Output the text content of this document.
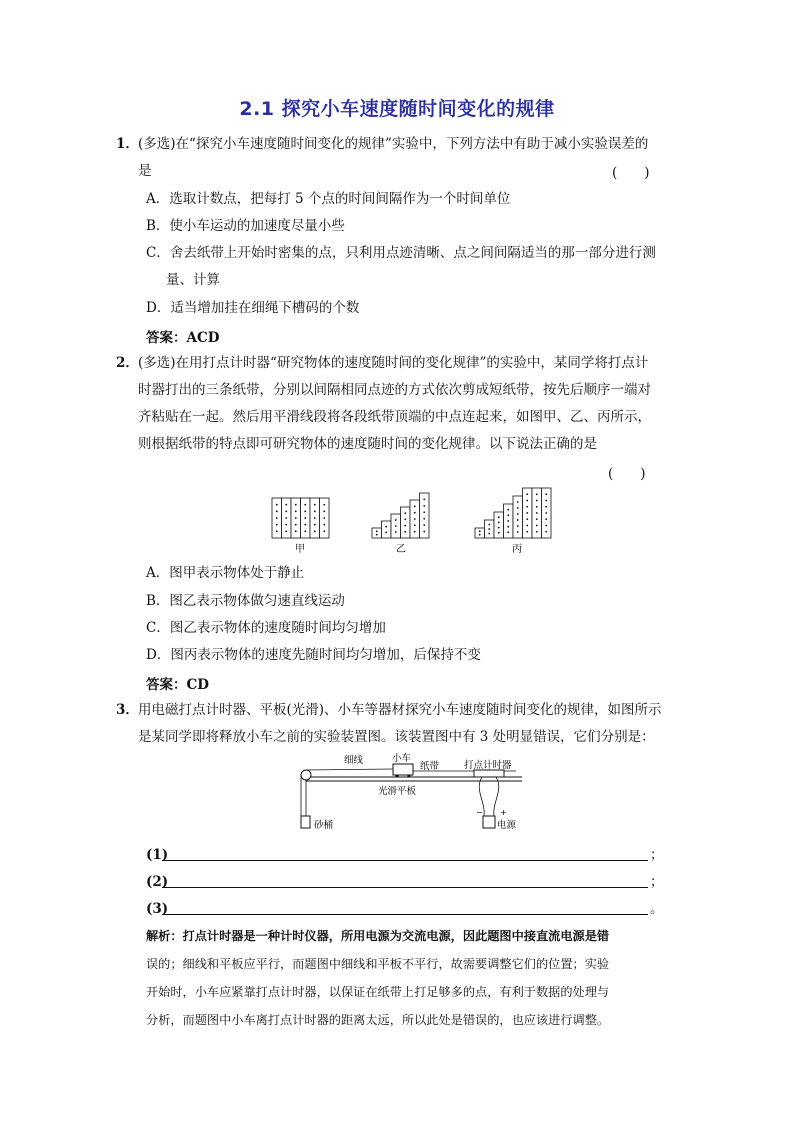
2.1 探究小车速度随时间变化的规律
1． (多选)在“探究小车速度随时间变化的规律”实验中，下列方法中有助于减小实验误差的
是	(　　)
A．选取计数点，把每打 5 个点的时间间隔作为一个时间单位
B．使小车运动的加速度尽量小些
C．舍去纸带上开始时密集的点，只利用点迹清晰、点之间间隔适当的那一部分进行测
量、计算
D．适当增加挂在细绳下槽码的个数
答案：ACD
2． (多选)在用打点计时器“研究物体的速度随时间的变化规律”的实验中，某同学将打点计
时器打出的三条纸带，分别以间隔相同点迹的方式依次剪成短纸带，按先后顺序一端对
齐粘贴在一起。然后用平滑线段将各段纸带顶端的中点连起来，如图甲、乙、丙所示，
则根据纸带的特点即可研究物体的速度随时间的变化规律。以下说法正确的是
(　　)
甲	乙	丙
A．图甲表示物体处于静止
B．图乙表示物体做匀速直线运动
C．图乙表示物体的速度随时间均匀增加
D．图丙表示物体的速度先随时间均匀增加，后保持不变
答案：CD
3． 用电磁打点计时器、平板(光滑)、小车等器材探究小车速度随时间变化的规律，如图所示
是某同学即将释放小车之前的实验装置图。该装置图中有 3 处明显错误，它们分别是：
细线	小车
纸带	打点计时器
光滑平板
砂桶	电源
− +
(1)	；
(2)	；
(3)	。
解析：打点计时器是一种计时仪器，所用电源为交流电源，因此题图中接直流电源是错
误的；细线和平板应平行，而题图中细线和平板不平行，故需要调整它们的位置；实验
开始时，小车应紧靠打点计时器，以保证在纸带上打足够多的点，有利于数据的处理与
分析，而题图中小车离打点计时器的距离太远，所以此处是错误的，也应该进行调整。
